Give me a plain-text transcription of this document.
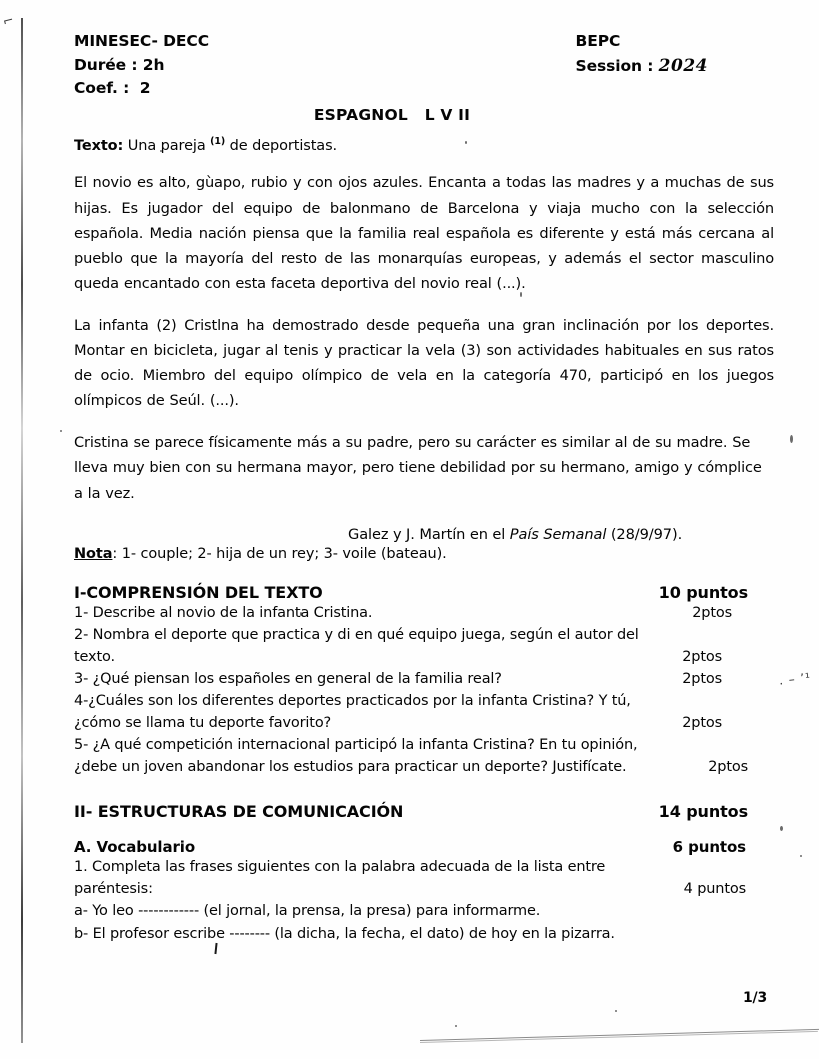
⌐
. – ʼ¹
MINESEC- DECC
Durée : 2h
Coef. :  2
BEPC
Session : 2024
ESPAGNOL   L V II
Texto: Una pareja $^{(1)}$ de deportistas.

El novio es alto, gùapo, rubio y con ojos azules. Encanta a todas las madres y a muchas de sus hijas. Es jugador del equipo de balonmano de Barcelona y viaja mucho con la selección española. Media nación piensa que la familia real española es diferente y está más cercana al pueblo que la mayoría del resto de las monarquías europeas, y además el sector masculino queda encantado con esta faceta deportiva del novio real (...).

La infanta (2) Cristlna ha demostrado desde pequeña una gran inclinación por los deportes. Montar en bicicleta, jugar al tenis y practicar la vela (3) son actividades habituales en sus ratos de ocio. Miembro del equipo olímpico de vela en la categoría 470, participó en los juegos olímpicos de Seúl. (...).

Cristina se parece físicamente más a su padre, pero su carácter es similar al de su madre. Se lleva muy bien con su hermana mayor, pero tiene debilidad por su hermano, amigo y cómplice a la vez.

Galez y J. Martín en el País Semanal (28/9/97).
Nota: 1- couple; 2- hija de un rey; 3- voile (bateau).
I-COMPRENSIÓN DEL TEXTO	10 puntos
1- Describe al novio de la infanta Cristina.	2ptos
2- Nombra el deporte que practica y di en qué equipo juega, según el autor del
texto.	2ptos
3- ¿Qué piensan los españoles en general de la familia real?	2ptos
4-¿Cuáles son los diferentes deportes practicados por la infanta Cristina? Y tú,
¿cómo se llama tu deporte favorito?	2ptos
5- ¿A qué competición internacional participó la infanta Cristina? En tu opinión,
¿debe un joven abandonar los estudios para practicar un deporte? Justifícate.	2ptos
II- ESTRUCTURAS DE COMUNICACIÓN	14 puntos
A. Vocabulario	6 puntos
1. Completa las frases siguientes con la palabra adecuada de la lista entre
paréntesis:	4 puntos
a- Yo leo ------------ (el jornal, la prensa, la presa) para informarme.
b- El profesor escribe -------- (la dicha, la fecha, el dato) de hoy en la pizarra.
1/3
